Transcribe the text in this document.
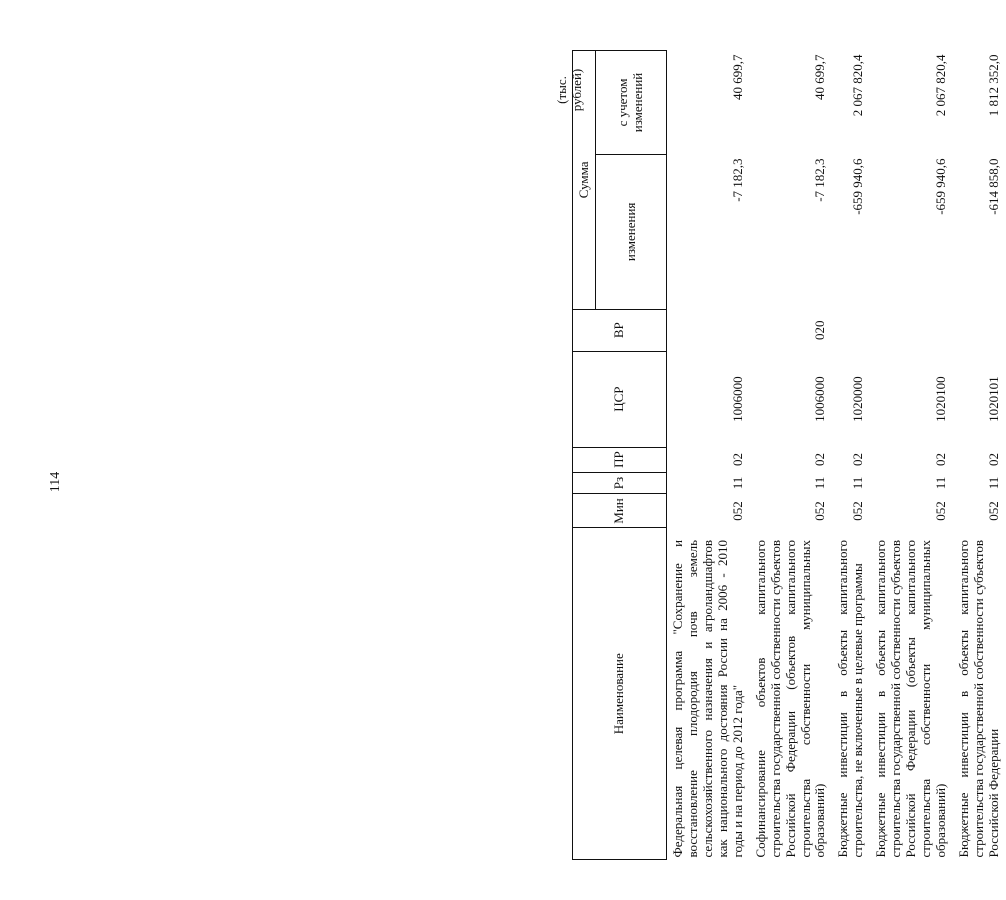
114
(тыс. рублей)
Наименование	Мин	Рз	ПР	ЦСР	ВР	Сумма	
						изменения	с учетом изменений
Федеральная целевая программа "Сохранение и восстановление плодородия почв земель сельскохозяйственного назначения и агроландшафтов как национального достояния России на 2006 - 2010 годы и на период до 2012 года"	052	11	02	1006000		-7 182,3	40 699,7
Софинансирование объектов капитального строительства государственной собственности субъектов Российской Федерации (объектов капитального строительства собственности муниципальных образований)	052	11	02	1006000	020	-7 182,3	40 699,7
Бюджетные инвестиции в объекты капитального строительства, не включенные в целевые программы	052	11	02	1020000		-659 940,6	2 067 820,4
Бюджетные инвестиции в объекты капитального строительства государственной собственности субъектов Российской Федерации (объекты капитального строительства собственности муниципальных образований)	052	11	02	1020100		-659 940,6	2 067 820,4
Бюджетные инвестиции в объекты капитального строительства государственной собственности субъектов Российской Федерации	052	11	02	1020101		-614 858,0	1 812 352,0
